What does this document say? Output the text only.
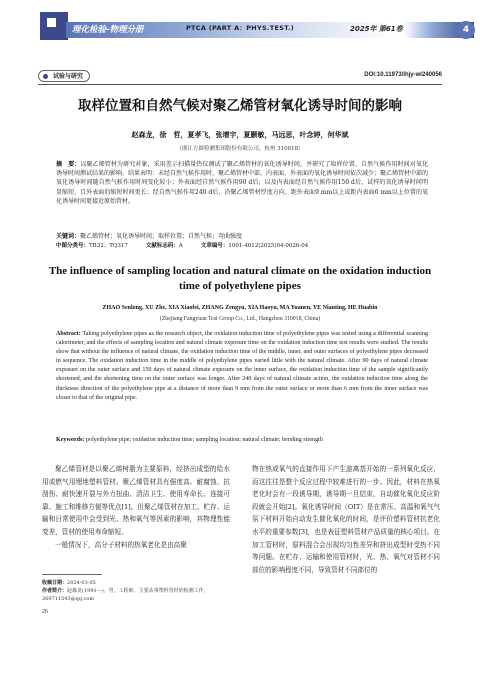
理化检验-物理分册	PTCA (PART A：PHYS.TEST.)	2025年 第61卷	4
试验与研究	DOI:10.11973/lhjy-wl240056
取样位置和自然气候对聚乙烯管材氧化诱导时间的影响
赵森龙，徐　哲，夏孝飞，张增宇，夏颢敏，马远思，叶念婷，何华斌
（浙江方圆检测集团股份有限公司，杭州 310018）
摘　要：以聚乙烯管材为研究对象，采用差示扫描量热仪测试了聚乙烯管材的氧化诱导时间，并研究了取样位置、自然气候作用时间对氧化诱导时间测试结果的影响。结果表明：未经自然气候作用时，聚乙烯管材中部、内表面、外表面的氧化诱导时间依次减少；聚乙烯管材中部的氧化诱导时间随自然气候作用时间变化较小；外表面经自然气候作用90 d后，以及内表面经自然气候作用150 d后，试样的氧化诱导时间明显缩短，且外表面的缩短时间更长；经自然气候作用240 d后，沿聚乙烯管材厚度方向，距外表面9 mm以上或距内表面6 mm以上位置的氧化诱导时间更接近原始管材。
关键词：聚乙烯管材；氧化诱导时间；取样位置；自然气候；弯曲强度
中图分类号：TB32；TQ317	文献标志码：A	文章编号：1001-4012(2025)04-0026-04
The influence of sampling location and natural climate on the oxidation induction time of polyethylene pipes
ZHAO Senlong, XU Zhe, XIA Xiaofei, ZHANG Zengyu, XIA Haoyu, MA Yuanen, YE Nianting, HE Huabin
(Zhejiang Fangyuan Test Group Co., Ltd., Hangzhou 310018, China)
Abstract: Taking polyethylene pipes as the research object, the oxidation induction time of polyethylene pipes was tested using a differential scanning calorimeter, and the effects of sampling location and natural climate exposure time on the oxidation induction time test results were studied. The results show that without the influence of natural climate, the oxidation induction time of the middle, inner, and outer surfaces of polyethylene pipes decreased in sequence. The oxidation induction time in the middle of polyethylene pipes varied little with the natural climate. After 90 days of natural climate exposure on the outer surface and 150 days of natural climate exposure on the inner surface, the oxidation induction time of the sample significantly shortened, and the shortening time on the outer surface was longer. After 240 days of natural climate action, the oxidation induction time along the thickness direction of the polyethylene pipe at a distance of more than 9 mm from the outer surface or more than 6 mm from the inner surface was closer to that of the original pipe.
Keywords: polyethylene pipe; oxidation induction time; sampling location; natural climate; bending strength

聚乙烯管材是以聚乙烯树脂为主要原料，经挤出成型的给水用或燃气用埋地塑料管材。聚乙烯管材具有强度高、耐腐蚀、抗刮伤、耐快速开裂与外力扭曲、清洁卫生、使用寿命长、连接可靠、施工和维修方便等优点[1]。但聚乙烯管材在加工、贮存、运输和日常使用中会受到光、热和氧气等因素的影响，其物理性能变差，管材的使用寿命缩短。

一般情况下，高分子材料的热氧老化是由高聚

物在热或氧气的直接作用下产生游离基开始的一系列氧化反应，而这往往是整个反应过程中较难进行的一步。因此，材料在热氧老化时会有一段诱导期，诱导期一旦结束，自动催化氧化反应阶段就会开始[2]。氧化诱导时间（OIT）是在常压、高温和氧气气氛下材料开始自动发生催化氧化的时间，是评价塑料管材抗老化水平的重要参数[3]，也是表征塑料管材产品质量的核心项目。在加工管材时，原料混合会出现均匀性差异和挤出成型时受热不同等问题。在贮存、运输和使用管材时，光、热、氧气对管材不同部位的影响程度不同，导致管材不同部位的

收稿日期：2024-03-05
作者简介：赵森龙(1991—)，男，工程师，主要从事塑料管材的检测工作，269711543@qq.com
26
